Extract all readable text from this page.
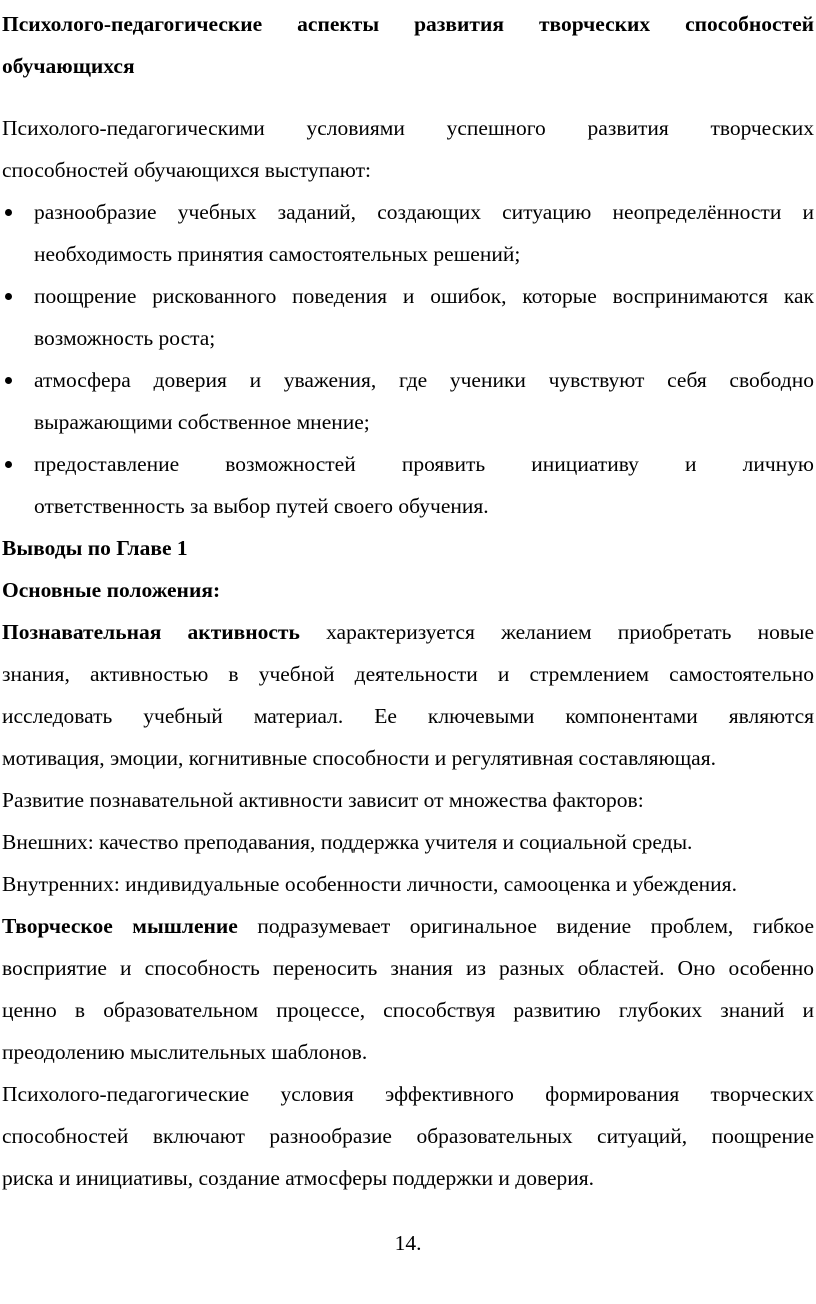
Психолого-педагогические аспекты развития творческих способностей
обучающихся

Психолого-педагогическими условиями успешного развития творческих
способностей обучающихся выступают:

разнообразие учебных заданий, создающих ситуацию неопределённости и
необходимость принятия самостоятельных решений;
поощрение рискованного поведения и ошибок, которые воспринимаются как
возможность роста;
атмосфера доверия и уважения, где ученики чувствуют себя свободно
выражающими собственное мнение;
предоставление возможностей проявить инициативу и личную
ответственность за выбор путей своего обучения.

Выводы по Главе 1

Основные положения:

Познавательная активность характеризуется желанием приобретать новые
знания, активностью в учебной деятельности и стремлением самостоятельно
исследовать учебный материал. Ее ключевыми компонентами являются
мотивация, эмоции, когнитивные способности и регулятивная составляющая.

Развитие познавательной активности зависит от множества факторов:

Внешних: качество преподавания, поддержка учителя и социальной среды.

Внутренних: индивидуальные особенности личности, самооценка и убеждения.

Творческое мышление подразумевает оригинальное видение проблем, гибкое
восприятие и способность переносить знания из разных областей. Оно особенно
ценно в образовательном процессе, способствуя развитию глубоких знаний и
преодолению мыслительных шаблонов.

Психолого-педагогические условия эффективного формирования творческих
способностей включают разнообразие образовательных ситуаций, поощрение
риска и инициативы, создание атмосферы поддержки и доверия.

14.
